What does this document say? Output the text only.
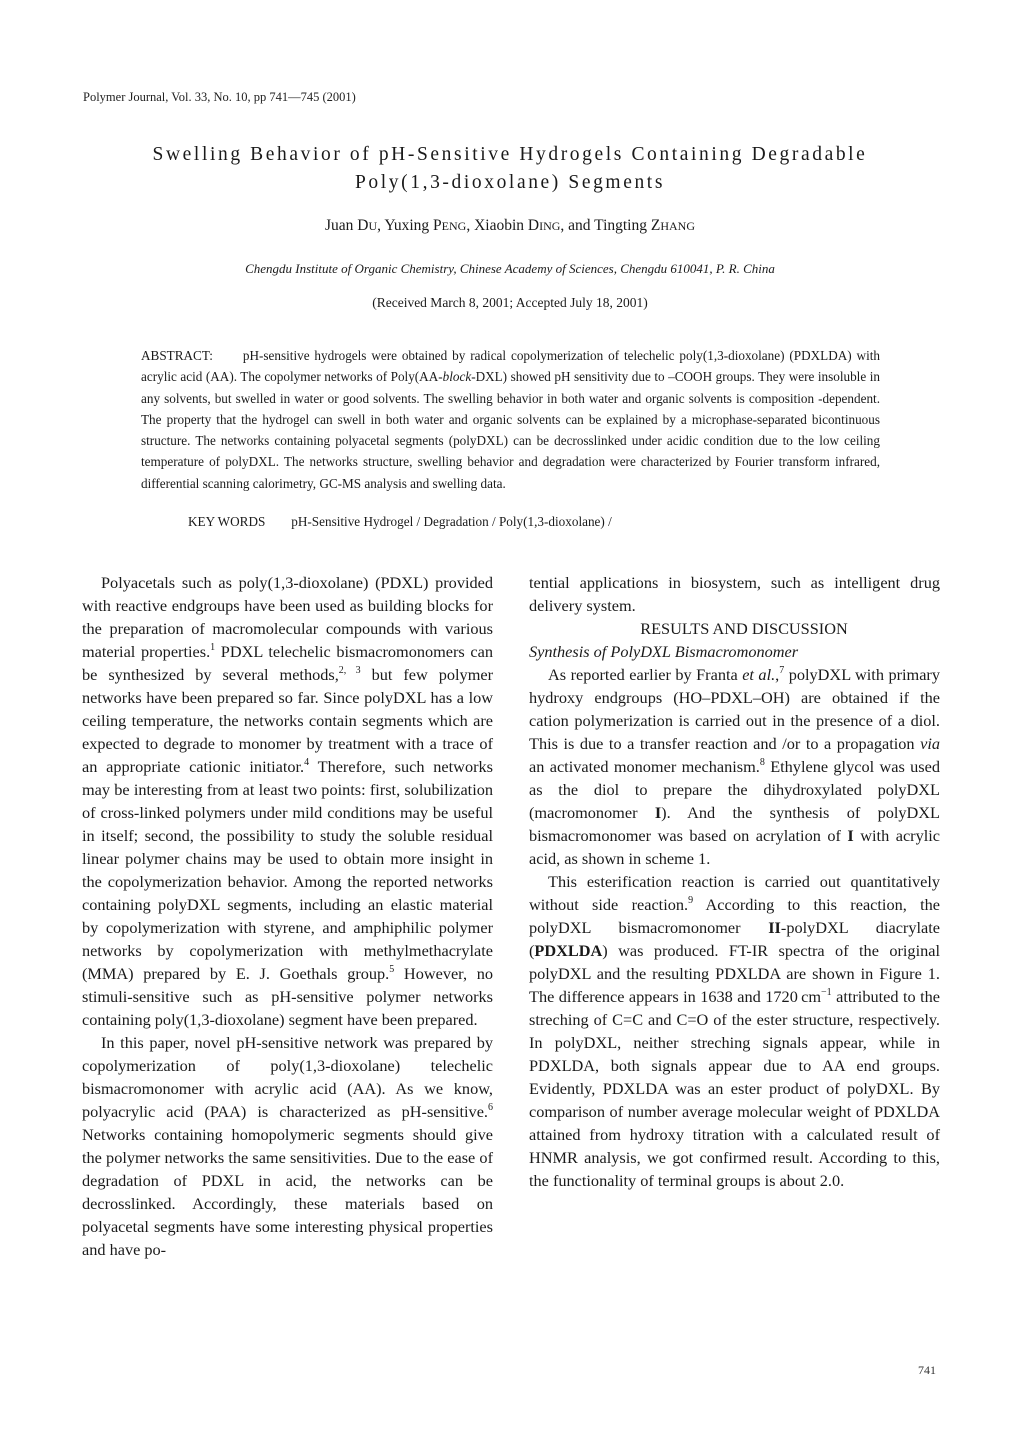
Polymer Journal, Vol. 33, No. 10, pp 741—745 (2001)
Swelling Behavior of pH-Sensitive Hydrogels Containing Degradable
Poly(1,3-dioxolane) Segments
Juan DU, Yuxing PENG, Xiaobin DING, and Tingting ZHANG
Chengdu Institute of Organic Chemistry, Chinese Academy of Sciences, Chengdu 610041, P. R. China
(Received March 8, 2001; Accepted July 18, 2001)
ABSTRACT: pH-sensitive hydrogels were obtained by radical copolymerization of telechelic poly(1,3-dioxolane) (PDXLDA) with acrylic acid (AA). The copolymer networks of Poly(AA-block-DXL) showed pH sensitivity due to –COOH groups. They were insoluble in any solvents, but swelled in water or good solvents. The swelling behavior in both water and organic solvents is composition -dependent. The property that the hydrogel can swell in both water and organic solvents can be explained by a microphase-separated bicontinuous structure. The networks containing polyacetal segments (polyDXL) can be decrosslinked under acidic condition due to the low ceiling temperature of polyDXL. The networks structure, swelling behavior and degradation were characterized by Fourier transform infrared, differential scanning calorimetry, GC-MS analysis and swelling data.
KEY WORDS pH-Sensitive Hydrogel / Degradation / Poly(1,3-dioxolane) /

Polyacetals such as poly(1,3-dioxolane) (PDXL) provided with reactive endgroups have been used as building blocks for the preparation of macromolecular compounds with various material properties.$^1$ PDXL telechelic bismacromonomers can be synthesized by several methods,$^{2, 3}$ but few polymer networks have been prepared so far. Since polyDXL has a low ceiling temperature, the networks contain segments which are expected to degrade to monomer by treatment with a trace of an appropriate cationic initiator.$^4$ Therefore, such networks may be interesting from at least two points: first, solubilization of cross-linked polymers under mild conditions may be useful in itself; second, the possibility to study the soluble residual linear polymer chains may be used to obtain more insight in the copolymerization behavior. Among the reported networks containing polyDXL segments, including an elastic material by copolymerization with styrene, and amphiphilic polymer networks by copolymerization with methylmethacrylate (MMA) prepared by E. J. Goethals group.$^5$ However, no stimuli-sensitive such as pH-sensitive polymer networks containing poly(1,3-dioxolane) segment have been prepared.

In this paper, novel pH-sensitive network was prepared by copolymerization of poly(1,3-dioxolane) telechelic bismacromonomer with acrylic acid (AA). As we know, polyacrylic acid (PAA) is characterized as pH-sensitive.$^6$ Networks containing homopolymeric segments should give the polymer networks the same sensitivities. Due to the ease of degradation of PDXL in acid, the networks can be decrosslinked. Accordingly, these materials based on polyacetal segments have some interesting physical properties and have po-

tential applications in biosystem, such as intelligent drug delivery system.

RESULTS AND DISCUSSION

Synthesis of PolyDXL Bismacromonomer

As reported earlier by Franta et al.,$^7$ polyDXL with primary hydroxy endgroups (HO–PDXL–OH) are obtained if the cation polymerization is carried out in the presence of a diol. This is due to a transfer reaction and /or to a propagation via an activated monomer mechanism.$^8$ Ethylene glycol was used as the diol to prepare the dihydroxylated polyDXL (macromonomer I). And the synthesis of polyDXL bismacromonomer was based on acrylation of I with acrylic acid, as shown in scheme 1.

This esterification reaction is carried out quantitatively without side reaction.$^9$ According to this reaction, the polyDXL bismacromonomer II-polyDXL diacrylate (PDXLDA) was produced. FT-IR spectra of the original polyDXL and the resulting PDXLDA are shown in Figure 1. The difference appears in 1638 and 1720 $cm^{-1}$ attributed to the streching of C=C and C=O of the ester structure, respectively. In polyDXL, neither streching signals appear, while in PDXLDA, both signals appear due to AA end groups. Evidently, PDXLDA was an ester product of polyDXL. By comparison of number average molecular weight of PDXLDA attained from hydroxy titration with a calculated result of HNMR analysis, we got confirmed result. According to this, the functionality of terminal groups is about 2.0.

741
